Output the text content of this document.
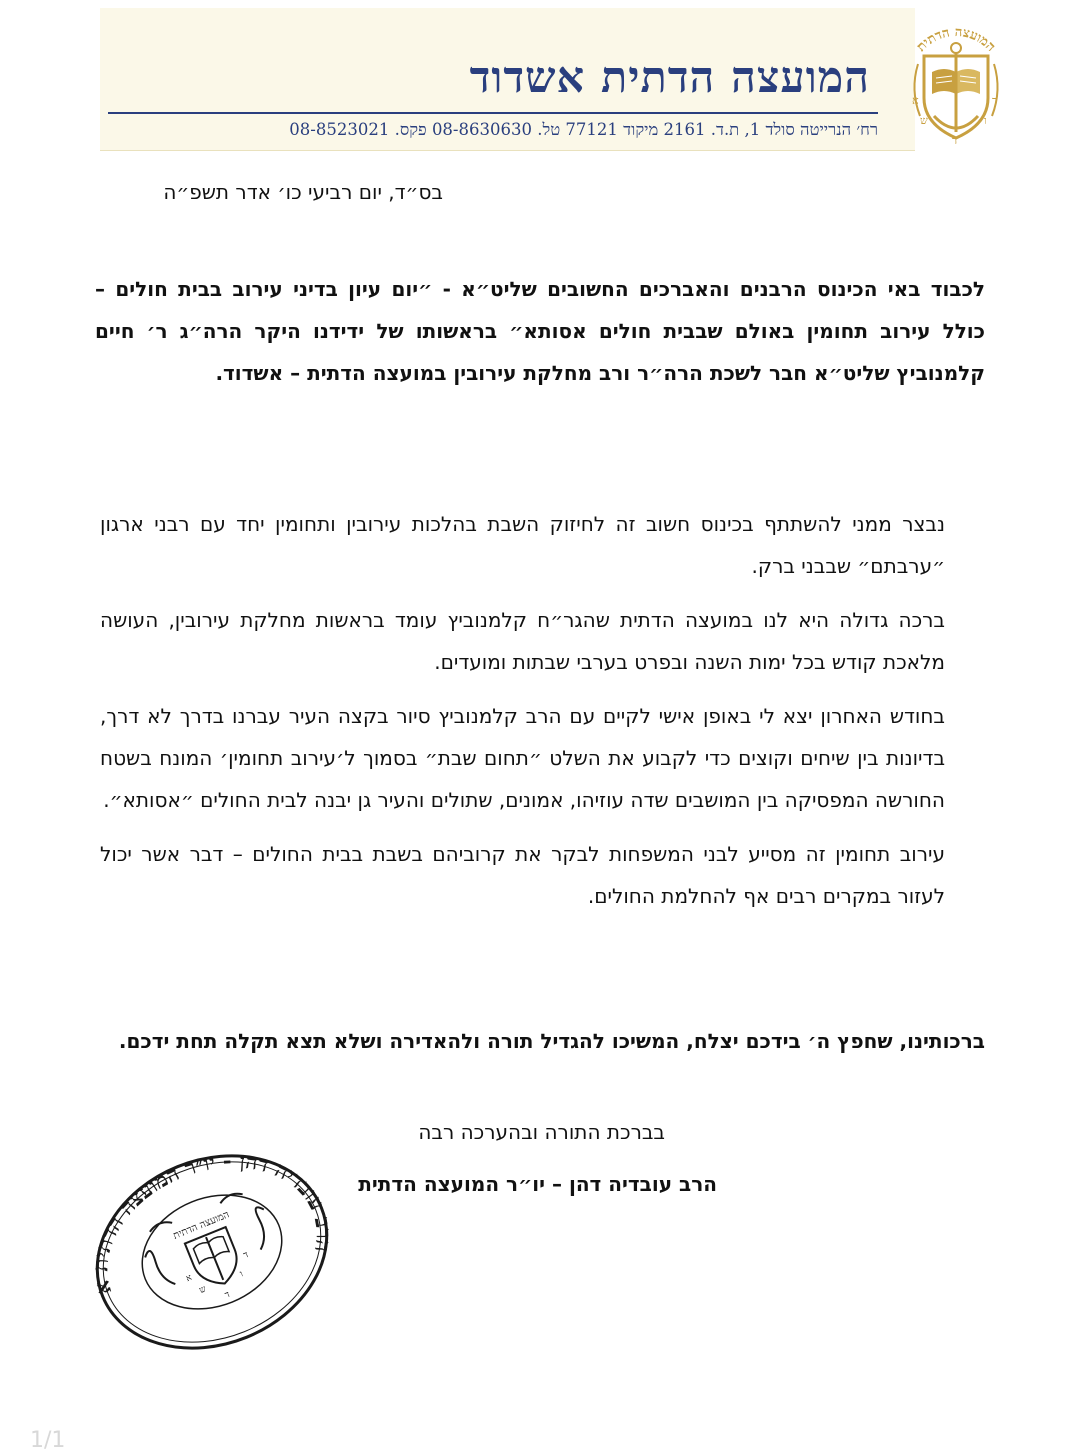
המועצה הדתית אשדוד
רח׳ הנרייטה סולד 1, ת.ד. 2161 מיקוד 77121 טל. 08-8630630 פקס. 08-8523021
המועצה הדתית
א
ש
ד
ו
ד
בס״ד, יום רביעי כו׳ אדר תשפ״ה
לכבוד באי הכינוס הרבנים והאברכים החשובים שליט״א - ״יום עיון בדיני עירוב בבית חולים – כולל עירוב תחומין באולם שבבית חולים אסותא״ בראשותו של ידידנו היקר הרה״ג ר׳ חיים קלמנוביץ שליט״א חבר לשכת הרה״ר ורב מחלקת עירובין במועצה הדתית – אשדוד.

נבצר ממני להשתתף בכינוס חשוב זה לחיזוק השבת בהלכות עירובין ותחומין יחד עם רבני ארגון ״ערבתם״ שבבני ברק.

ברכה גדולה היא לנו במועצה הדתית שהגר״ח קלמנוביץ עומד בראשות מחלקת עירובין, העושה מלאכת קודש בכל ימות השנה ובפרט בערבי שבתות ומועדים.

בחודש האחרון יצא לי באופן אישי לקיים עם הרב קלמנוביץ סיור בקצה העיר עברנו בדרך לא דרך, בדיונות בין שיחים וקוצים כדי לקבוע את השלט ״תחום שבת״ בסמוך ל׳עירוב תחומין׳ המונח בשטח החורשה המפסיקה בין המושבים שדה עוזיהו, אמונים, שתולים והעיר גן יבנה לבית החולים ״אסותא״.

עירוב תחומין זה מסייע לבני המשפחות לבקר את קרוביהם בשבת בבית החולים – דבר אשר יכול לעזור במקרים רבים אף להחלמת החולים.

ברכותינו, שחפץ ה׳ בידכם יצלח, המשיכו להגדיל תורה ולהאדירה ושלא תצא תקלה תחת ידכם.

בברכת התורה ובהערכה רבה
הרב עובדיה דהן – יו״ר המועצה הדתית
הרב עובדיה דהן - יו״ר המועצה הדתית אשדוד
המועצה הדתית
א
ש ד
ו
ד
1/1
